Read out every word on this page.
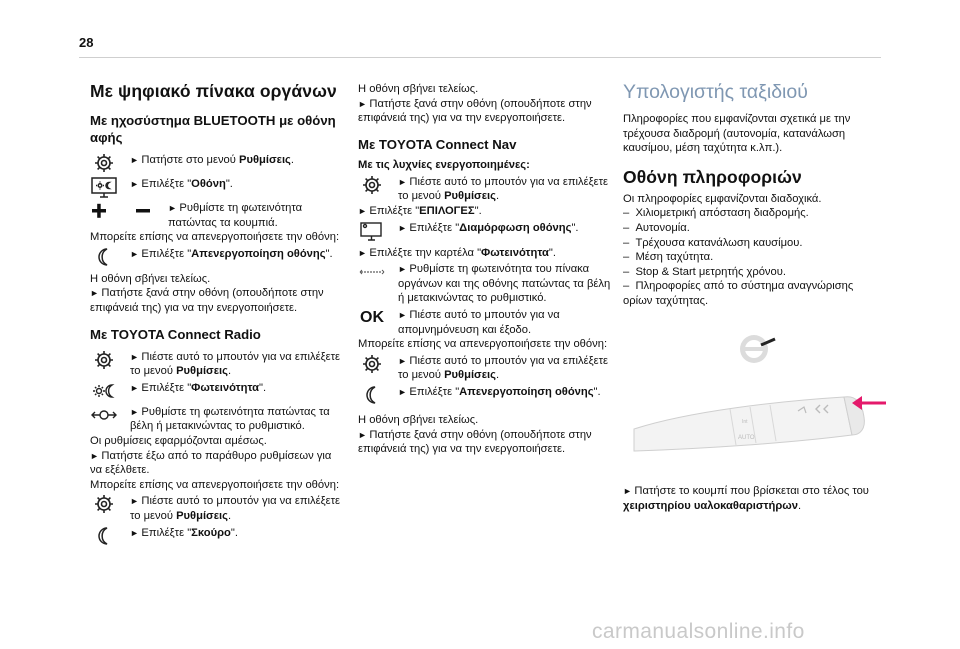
28
Με ψηφιακό πίνακα οργάνων
Με ηχοσύστημα BLUETOOTH με οθόνη αφής

► Πατήστε στο μενού Ρυθμίσεις.

► Επιλέξτε "Οθόνη".

► Ρυθμίστε τη φωτεινότητα πατώντας τα κουμπιά.

Μπορείτε επίσης να απενεργοποιήσετε την οθόνη:

► Επιλέξτε "Απενεργοποίηση οθόνης".

Η οθόνη σβήνει τελείως.

► Πατήστε ξανά στην οθόνη (οπουδήποτε στην επιφάνειά της) για να την ενεργοποιήσετε.

Με TOYOTA Connect Radio

► Πιέστε αυτό το μπουτόν για να επιλέξετε το μενού Ρυθμίσεις.

► Επιλέξτε "Φωτεινότητα".

► Ρυθμίστε τη φωτεινότητα πατώντας τα βέλη ή μετακινώντας το ρυθμιστικό.

Οι ρυθμίσεις εφαρμόζονται αμέσως.

► Πατήστε έξω από το παράθυρο ρυθμίσεων για να εξέλθετε.

Μπορείτε επίσης να απενεργοποιήσετε την οθόνη:

► Πιέστε αυτό το μπουτόν για να επιλέξετε το μενού Ρυθμίσεις.

► Επιλέξτε "Σκούρο".

Η οθόνη σβήνει τελείως.

► Πατήστε ξανά στην οθόνη (οπουδήποτε στην επιφάνειά της) για να την ενεργοποιήσετε.

Με TOYOTA Connect Nav
Με τις λυχνίες ενεργοποιημένες:

► Πιέστε αυτό το μπουτόν για να επιλέξετε το μενού Ρυθμίσεις.

► Επιλέξτε "ΕΠΙΛΟΓΕΣ".

► Επιλέξτε "Διαμόρφωση οθόνης".

► Επιλέξτε την καρτέλα "Φωτεινότητα".

► Ρυθμίστε τη φωτεινότητα του πίνακα οργάνων και της οθόνης πατώντας τα βέλη ή μετακινώντας το ρυθμιστικό.

OK

►	Πιέστε αυτό το μπουτόν για να απομνημόνευση και έξοδο.

Μπορείτε επίσης να απενεργοποιήσετε την οθόνη:

► Πιέστε αυτό το μπουτόν για να επιλέξετε το μενού Ρυθμίσεις.

► Επιλέξτε "Απενεργοποίηση οθόνης".

Η οθόνη σβήνει τελείως.

► Πατήστε ξανά στην οθόνη (οπουδήποτε στην επιφάνειά της) για να την ενεργοποιήσετε.

Υπολογιστής ταξιδιού

Πληροφορίες που εμφανίζονται σχετικά με την τρέχουσα διαδρομή (αυτονομία, κατανάλωση καυσίμου, μέση ταχύτητα κ.λπ.).

Οθόνη πληροφοριών

Οι πληροφορίες εμφανίζονται διαδοχικά.

–  Χιλιομετρική απόσταση διαδρομής.

–  Αυτονομία.

–  Τρέχουσα κατανάλωση καυσίμου.

–  Μέση ταχύτητα.

–  Stop & Start μετρητής χρόνου.

–  Πληροφορίες από το σύστημα αναγνώρισης ορίων ταχύτητας.

AUTO
Int

► Πατήστε το κουμπί που βρίσκεται στο τέλος του χειριστηρίου υαλοκαθαριστήρων.

carmanualsonline.info
